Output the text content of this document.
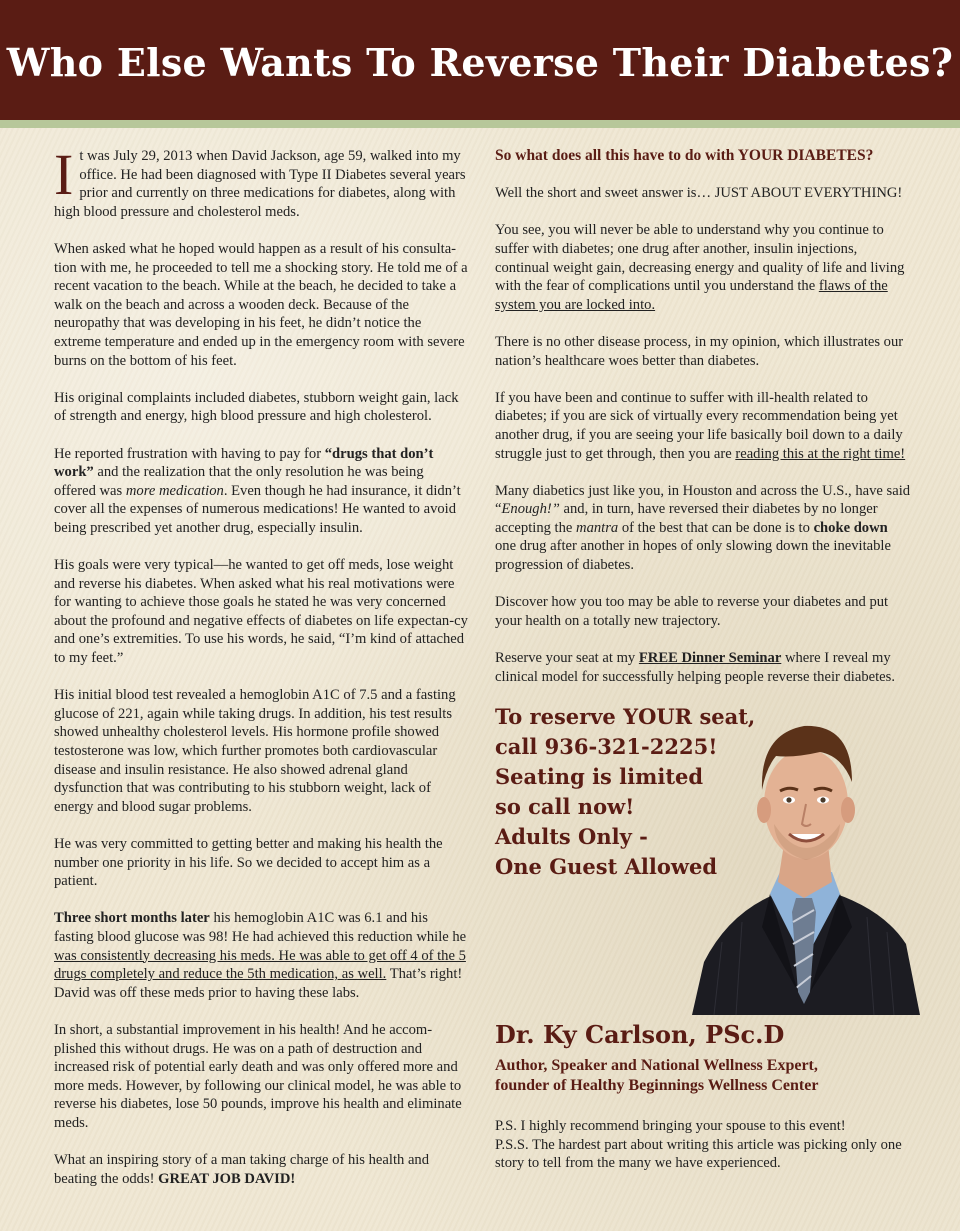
Who Else Wants To Reverse Their Diabetes?

It was July 29, 2013 when David Jackson, age 59, walked into my office. He had been diagnosed with Type II Diabetes several years prior and currently on three medications for diabetes, along with high blood pressure and cholesterol meds.

When asked what he hoped would happen as a result of his consulta-tion with me, he proceeded to tell me a shocking story. He told me of a recent vacation to the beach. While at the beach, he decided to take a walk on the beach and across a wooden deck. Because of the neuropathy that was developing in his feet, he didn’t notice the extreme temperature and ended up in the emergency room with severe burns on the bottom of his feet.

His original complaints included diabetes, stubborn weight gain, lack of strength and energy, high blood pressure and high cholesterol.

He reported frustration with having to pay for “drugs that don’t work” and the realization that the only resolution he was being offered was more medication. Even though he had insurance, it didn’t cover all the expenses of numerous medications! He wanted to avoid being prescribed yet another drug, especially insulin.

His goals were very typical—he wanted to get off meds, lose weight and reverse his diabetes. When asked what his real motivations were for wanting to achieve those goals he stated he was very concerned about the profound and negative effects of diabetes on life expectan-cy and one’s extremities. To use his words, he said, “I’m kind of attached to my feet.”

His initial blood test revealed a hemoglobin A1C of 7.5 and a fasting glucose of 221, again while taking drugs. In addition, his test results showed unhealthy cholesterol levels. His hormone profile showed testosterone was low, which further promotes both cardiovascular disease and insulin resistance. He also showed adrenal gland dysfunction that was contributing to his stubborn weight, lack of energy and blood sugar problems.

He was very committed to getting better and making his health the number one priority in his life. So we decided to accept him as a patient.

Three short months later his hemoglobin A1C was 6.1 and his fasting blood glucose was 98! He had achieved this reduction while he was consistently decreasing his meds. He was able to get off 4 of the 5 drugs completely and reduce the 5th medication, as well. That’s right! David was off these meds prior to having these labs.

In short, a substantial improvement in his health! And he accom-plished this without drugs. He was on a path of destruction and increased risk of potential early death and was only offered more and more meds. However, by following our clinical model, he was able to reverse his diabetes, lose 50 pounds, improve his health and eliminate meds.

What an inspiring story of a man taking charge of his health and beating the odds! GREAT JOB DAVID!

So what does all this have to do with YOUR DIABETES?

Well the short and sweet answer is… JUST ABOUT EVERYTHING!

You see, you will never be able to understand why you continue to suffer with diabetes; one drug after another, insulin injections, continual weight gain, decreasing energy and quality of life and living with the fear of complications until you understand the flaws of the system you are locked into.

There is no other disease process, in my opinion, which illustrates our nation’s healthcare woes better than diabetes.

If you have been and continue to suffer with ill-health related to diabetes; if you are sick of virtually every recommendation being yet another drug, if you are seeing your life basically boil down to a daily struggle just to get through, then you are reading this at the right time!

Many diabetics just like you, in Houston and across the U.S., have said “Enough!” and, in turn, have reversed their diabetes by no longer accepting the mantra of the best that can be done is to choke down one drug after another in hopes of only slowing down the inevitable progression of diabetes.

Discover how you too may be able to reverse your diabetes and put your health on a totally new trajectory.

Reserve your seat at my FREE Dinner Seminar where I reveal my clinical model for successfully helping people reverse their diabetes.

To reserve YOUR seat,
call 936-321-2225!
Seating is limited
so call now!
Adults Only -
One Guest Allowed
Dr. Ky Carlson, PSc.D
Author, Speaker and National Wellness Expert,
founder of Healthy Beginnings Wellness Center
P.S. I highly recommend bringing your spouse to this event!
P.S.S. The hardest part about writing this article was picking only one story to tell from the many we have experienced.
